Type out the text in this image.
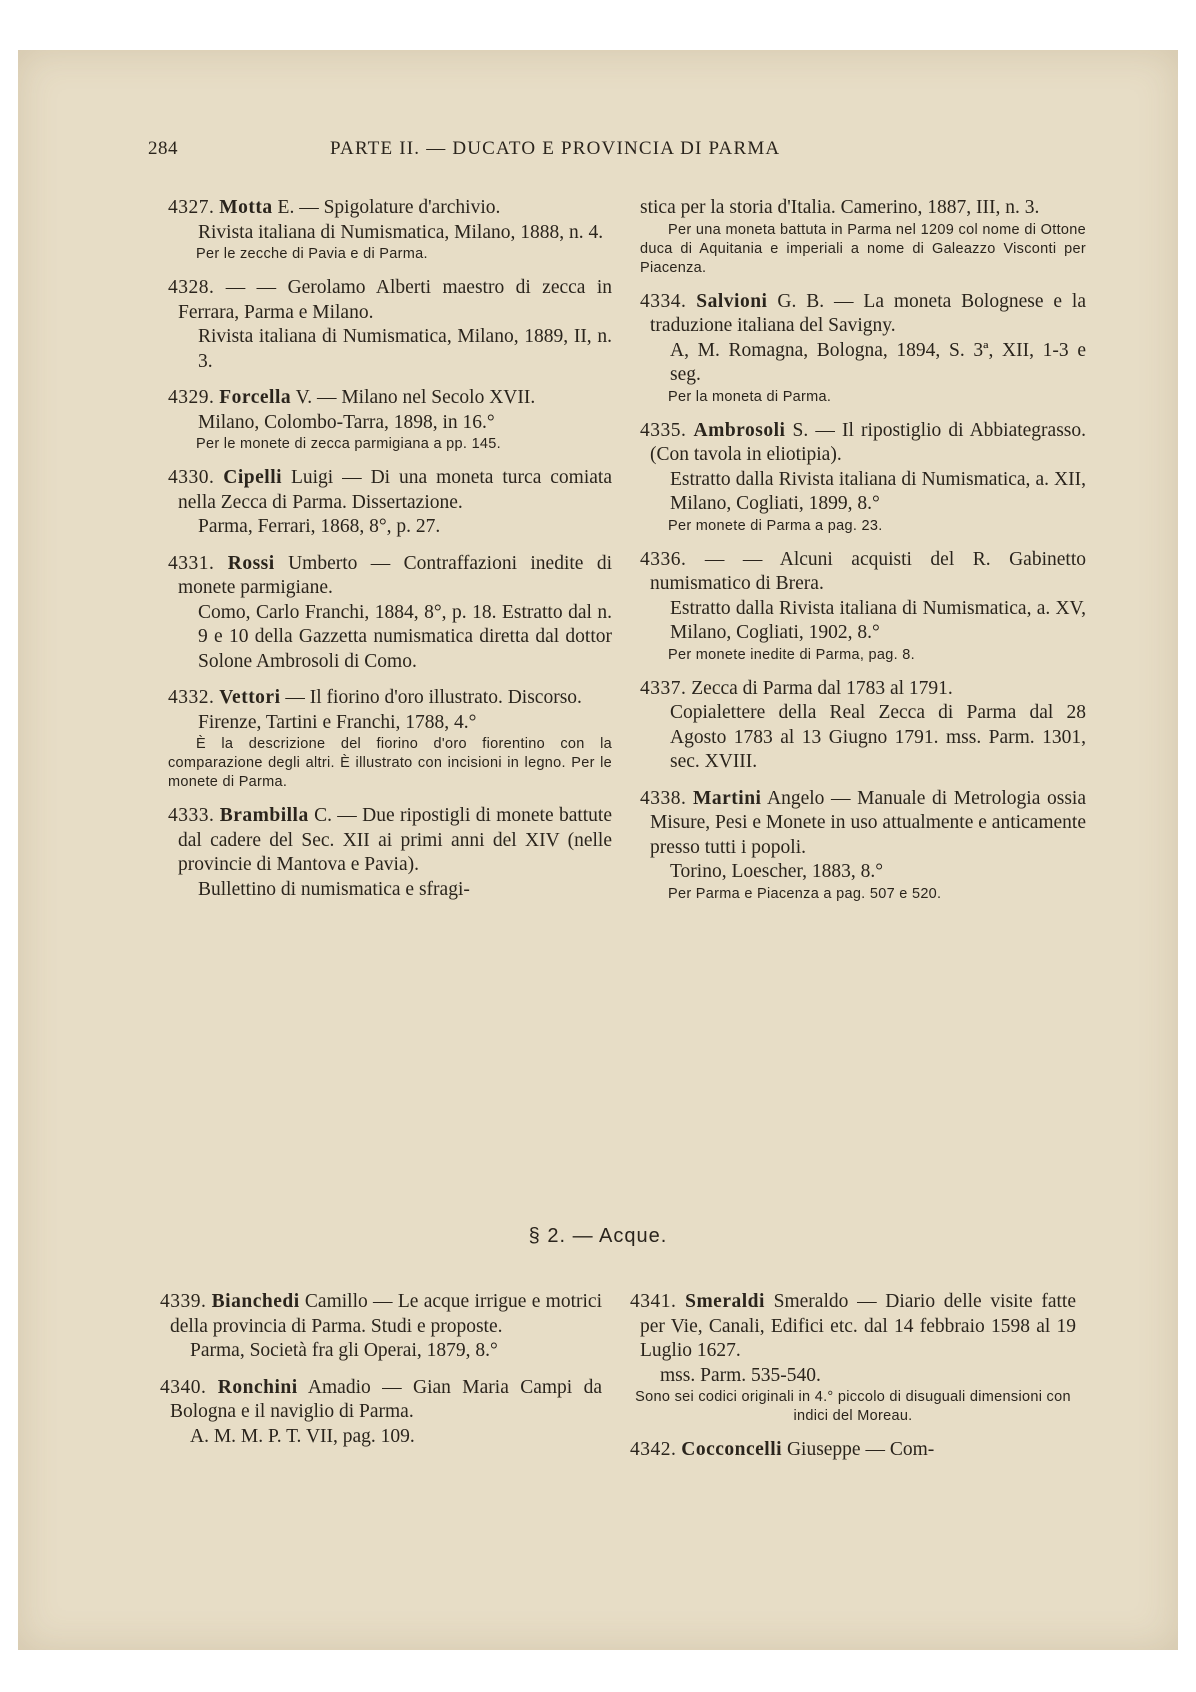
284	PARTE II. — DUCATO E PROVINCIA DI PARMA
4327. Motta E. — Spigolature d'archivio.
Rivista italiana di Numismatica, Milano, 1888, n. 4.
Per le zecche di Pavia e di Parma.
4328. — — Gerolamo Alberti maestro di zecca in Ferrara, Parma e Milano.
Rivista italiana di Numismatica, Milano, 1889, II, n. 3.
4329. Forcella V. — Milano nel Secolo XVII.
Milano, Colombo-Tarra, 1898, in 16.°
Per le monete di zecca parmigiana a pp. 145.
4330. Cipelli Luigi — Di una moneta turca comiata nella Zecca di Parma. Dissertazione.
Parma, Ferrari, 1868, 8°, p. 27.
4331. Rossi Umberto — Contraffazioni inedite di monete parmigiane.
Como, Carlo Franchi, 1884, 8°, p. 18. Estratto dal n. 9 e 10 della Gazzetta numismatica diretta dal dottor Solone Ambrosoli di Como.
4332. Vettori — Il fiorino d'oro illustrato. Discorso.
Firenze, Tartini e Franchi, 1788, 4.°
È la descrizione del fiorino d'oro fiorentino con la comparazione degli altri. È illustrato con incisioni in legno. Per le monete di Parma.
4333. Brambilla C. — Due ripostigli di monete battute dal cadere del Sec. XII ai primi anni del XIV (nelle provincie di Mantova e Pavia).
Bullettino di numismatica e sfragi-
stica per la storia d'Italia. Camerino, 1887, III, n. 3.
Per una moneta battuta in Parma nel 1209 col nome di Ottone duca di Aquitania e imperiali a nome di Galeazzo Visconti per Piacenza.
4334. Salvioni G. B. — La moneta Bolognese e la traduzione italiana del Savigny.
A, M. Romagna, Bologna, 1894, S. 3ª, XII, 1-3 e seg.
Per la moneta di Parma.
4335. Ambrosoli S. — Il ripostiglio di Abbiategrasso. (Con tavola in eliotipia).
Estratto dalla Rivista italiana di Numismatica, a. XII, Milano, Cogliati, 1899, 8.°
Per monete di Parma a pag. 23.
4336. — — Alcuni acquisti del R. Gabinetto numismatico di Brera.
Estratto dalla Rivista italiana di Numismatica, a. XV, Milano, Cogliati, 1902, 8.°
Per monete inedite di Parma, pag. 8.
4337. Zecca di Parma dal 1783 al 1791.
Copialettere della Real Zecca di Parma dal 28 Agosto 1783 al 13 Giugno 1791. mss. Parm. 1301, sec. XVIII.
4338. Martini Angelo — Manuale di Metrologia ossia Misure, Pesi e Monete in uso attualmente e anticamente presso tutti i popoli.
Torino, Loescher, 1883, 8.°
Per Parma e Piacenza a pag. 507 e 520.
§ 2. — Acque.
4339. Bianchedi Camillo — Le acque irrigue e motrici della provincia di Parma. Studi e proposte.
Parma, Società fra gli Operai, 1879, 8.°
4340. Ronchini Amadio — Gian Maria Campi da Bologna e il naviglio di Parma.
A. M. M. P. T. VII, pag. 109.
4341. Smeraldi Smeraldo — Diario delle visite fatte per Vie, Canali, Edifici etc. dal 14 febbraio 1598 al 19 Luglio 1627.
mss. Parm. 535-540.
Sono sei codici originali in 4.° piccolo di disuguali dimensioni con indici del Moreau.
4342. Cocconcelli Giuseppe — Com-
